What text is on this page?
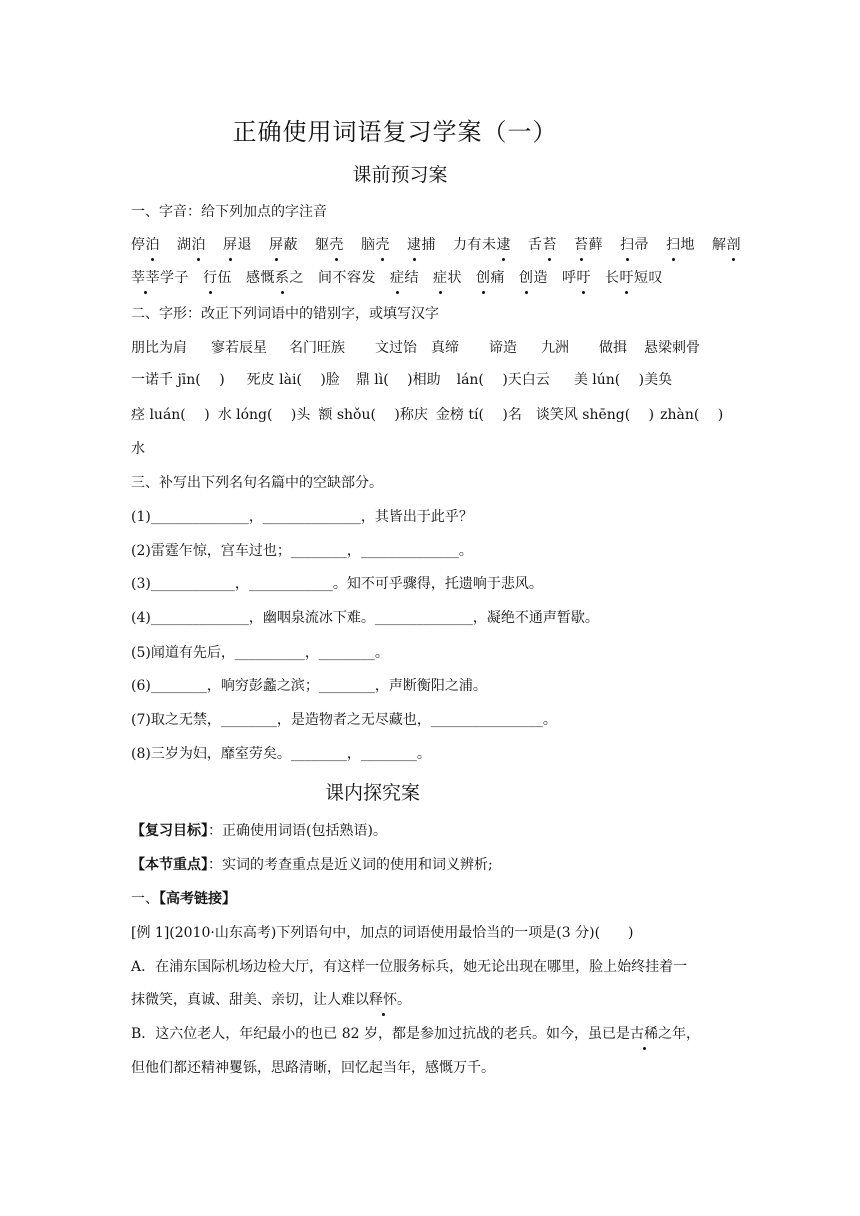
正确使用词语复习学案（一）
课前预习案
一、字音：给下列加点的字注音
停泊 湖泊 屏退 屏蔽 躯壳 脑壳 逮捕 力有未逮 舌苔 苔藓 扫帚 扫地 解剖
莘莘学子 行伍 感慨系之 间不容发 症结 症状 创痛 创造 呼吁 长吁短叹
二、字形：改正下列词语中的错别字，或填写汉字
朋比为肩 寥若辰星 名门旺族 文过饴 真缔 谛造 九洲 做揖 悬梁刺骨
一诺千 jīn(　 ) 死皮 lài(　 )脸 鼎 lì(　 )相助 lán(　 )天白云 美 lún(　 )美奂
痉 luán(　 ) 水 lóng(　 )头 额 shǒu(　 )称庆 金榜 tí(　 )名 谈笑风 shēng(　 ) zhàn(　 )
水
三、补写出下列名句名篇中的空缺部分。
(1)______________，______________，其皆出于此乎？
(2)雷霆乍惊，宫车过也；________，______________。
(3)____________，____________。知不可乎骤得，托遗响于悲风。
(4)______________，幽咽泉流冰下难。______________，凝绝不通声暂歇。
(5)闻道有先后，__________，________。
(6)________，响穷彭蠡之滨；________，声断衡阳之浦。
(7)取之无禁，________，是造物者之无尽藏也，________________。
(8)三岁为妇，靡室劳矣。________，________。
课内探究案
【复习目标】：正确使用词语(包括熟语)。
【本节重点】：实词的考查重点是近义词的使用和词义辨析;
一、【高考链接】
[例 1](2010·山东高考)下列语句中，加点的词语使用最恰当的一项是(3 分)(　　)
A．在浦东国际机场边检大厅，有这样一位服务标兵，她无论出现在哪里，脸上始终挂着一
抹微笑，真诚、甜美、亲切，让人难以释怀。
B．这六位老人，年纪最小的也已 82 岁，都是参加过抗战的老兵。如今，虽已是古稀之年，
但他们都还精神矍铄，思路清晰，回忆起当年，感慨万千。
